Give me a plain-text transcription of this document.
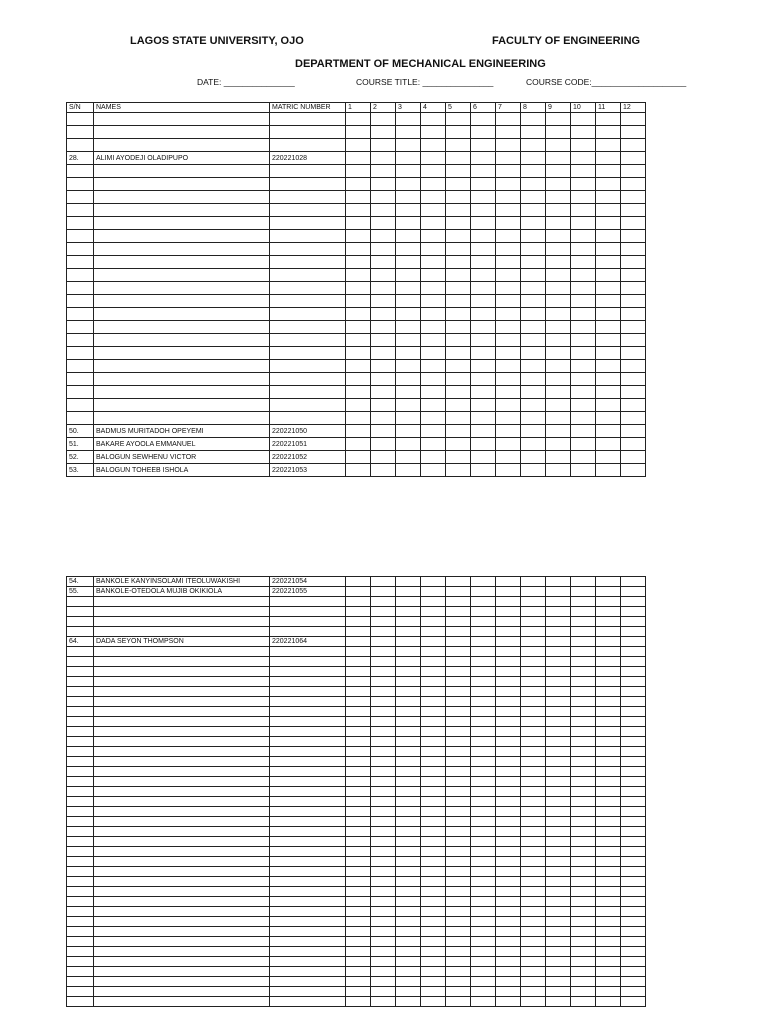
LAGOS STATE UNIVERSITY, OJO	FACULTY OF ENGINEERING
DEPARTMENT OF MECHANICAL ENGINEERING
DATE: _______________	COURSE TITLE: _______________	COURSE CODE:____________________
S/N	NAMES	MATRIC NUMBER	1	2	3	4	5	6	7	8	9	10	11	12

28.	ALIMI AYODEJI OLADIPUPO	220221028												

50.	BADMUS MURITADOH OPEYEMI	220221050												
51.	BAKARE AYOOLA EMMANUEL	220221051												
52.	BALOGUN SEWHENU VICTOR	220221052												
53.	BALOGUN TOHEEB ISHOLA	220221053												
54.	BANKOLE KANYINSOLAMI ITEOLUWAKISHI	220221054												
55.	BANKOLE-OTEDOLA MUJIB OKIKIOLA	220221055												

64.	DADA SEYON THOMPSON	220221064												
